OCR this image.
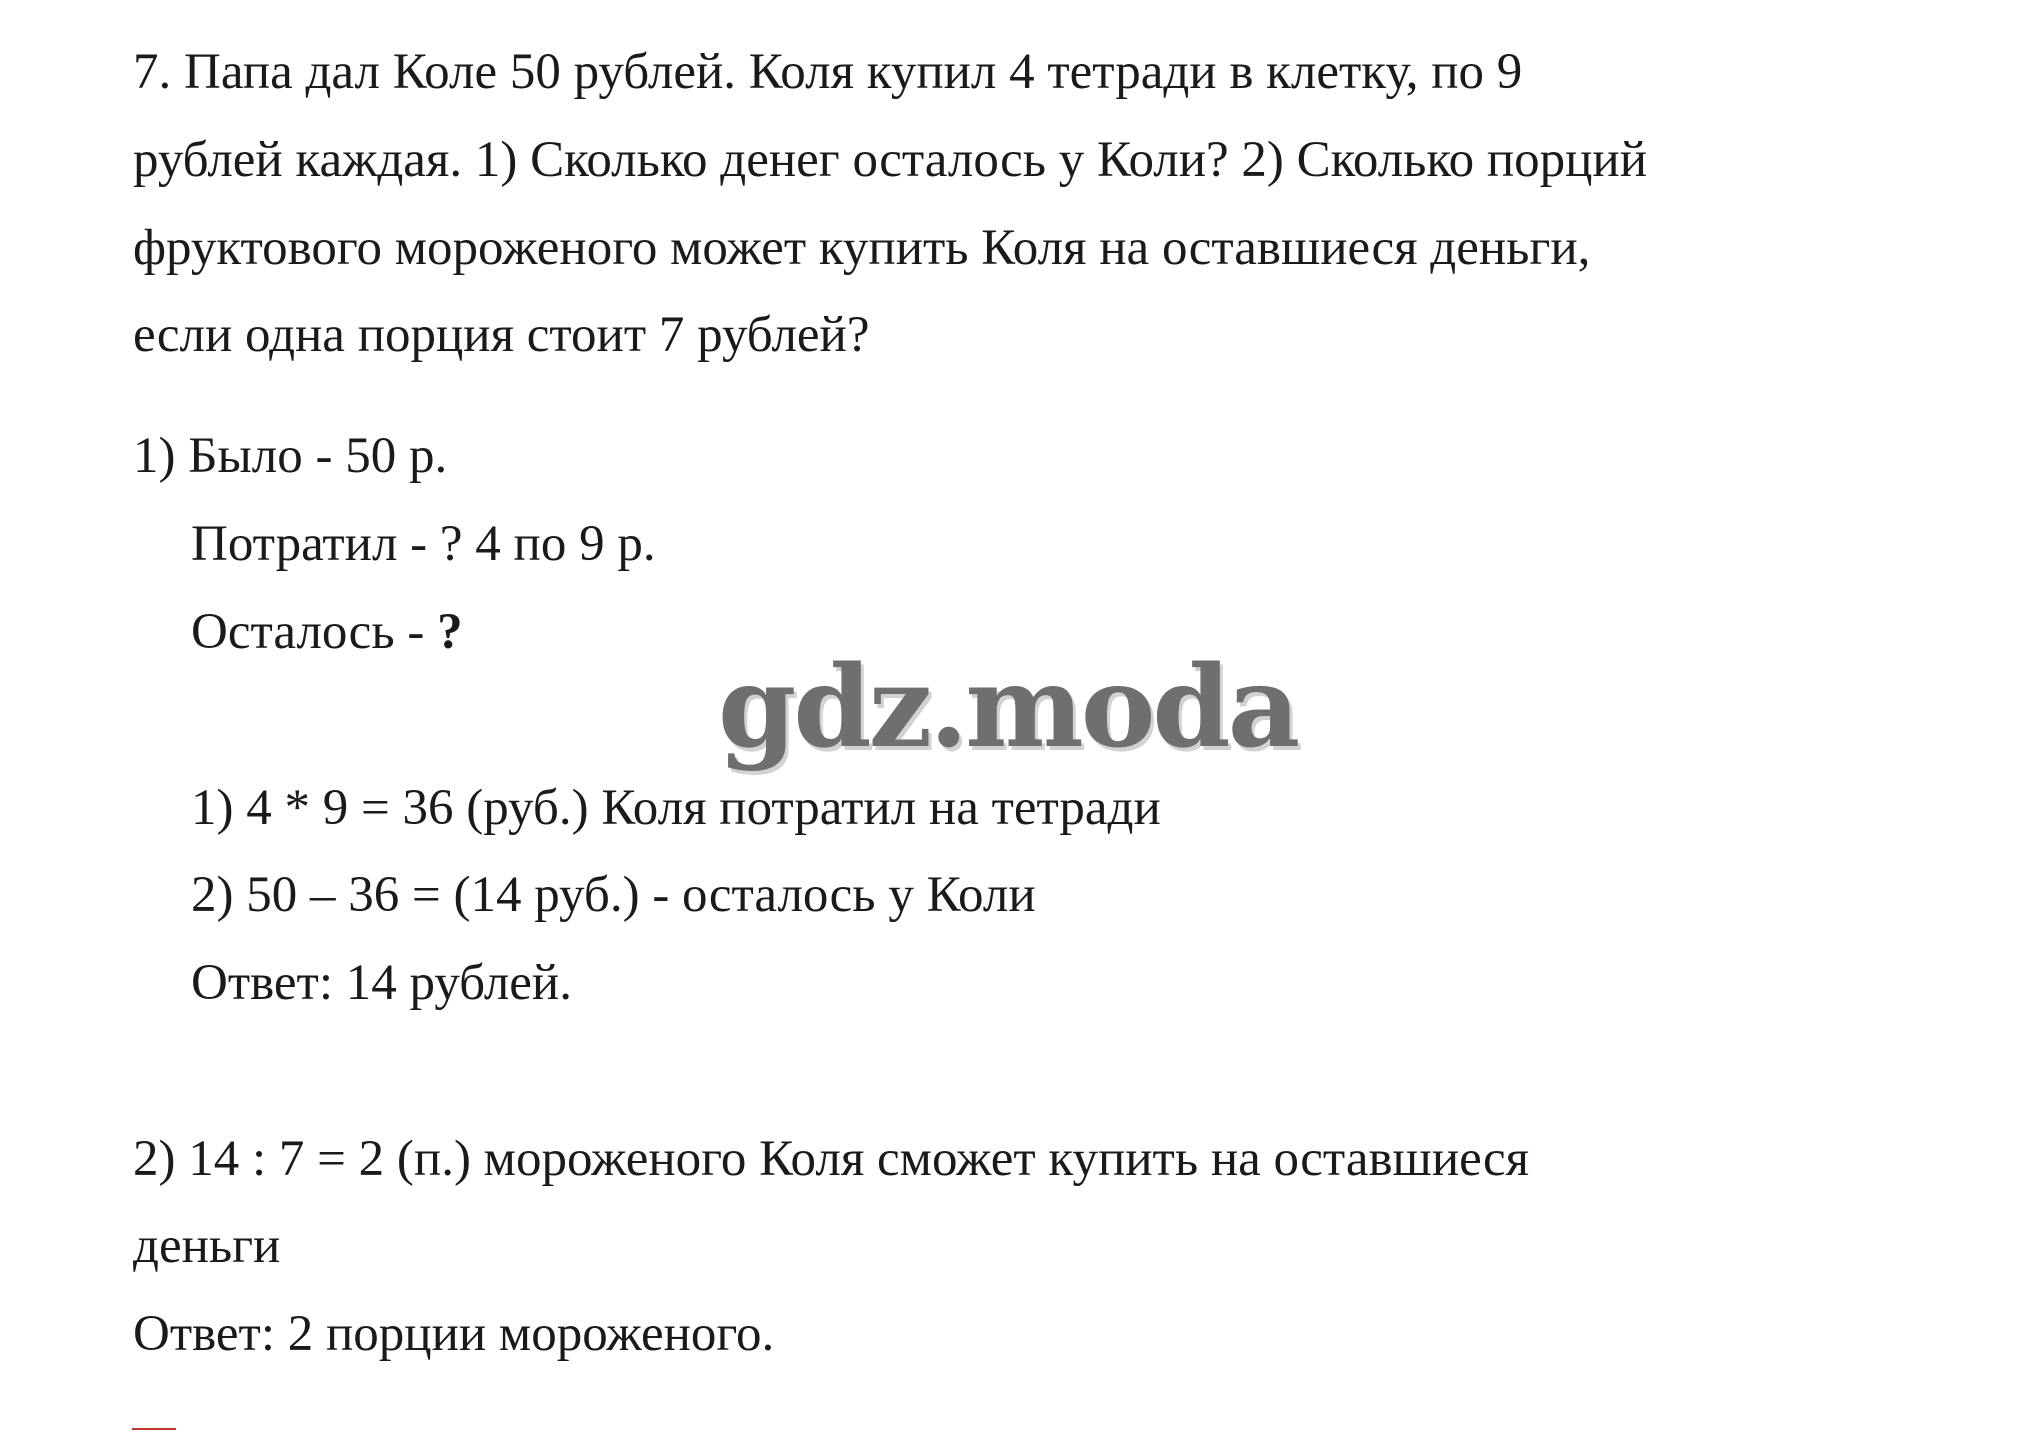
7. Папа дал Коле 50 рублей. Коля купил 4 тетради в клетку, по 9
рублей каждая. 1) Сколько денег осталось у Коли? 2) Сколько порций
фруктового мороженого может купить Коля на оставшиеся деньги,
если одна порция стоит 7 рублей?
1) Было - 50 р.
Потратил - ? 4 по 9 р.
Осталось - ?
gdz.moda
1) 4 * 9 = 36 (руб.) Коля потратил на тетради
2) 50 – 36 = (14 руб.) - осталось у Коли
Ответ: 14 рублей.
2) 14 : 7 = 2 (п.) мороженого Коля сможет купить на оставшиеся
деньги
Ответ: 2 порции мороженого.
